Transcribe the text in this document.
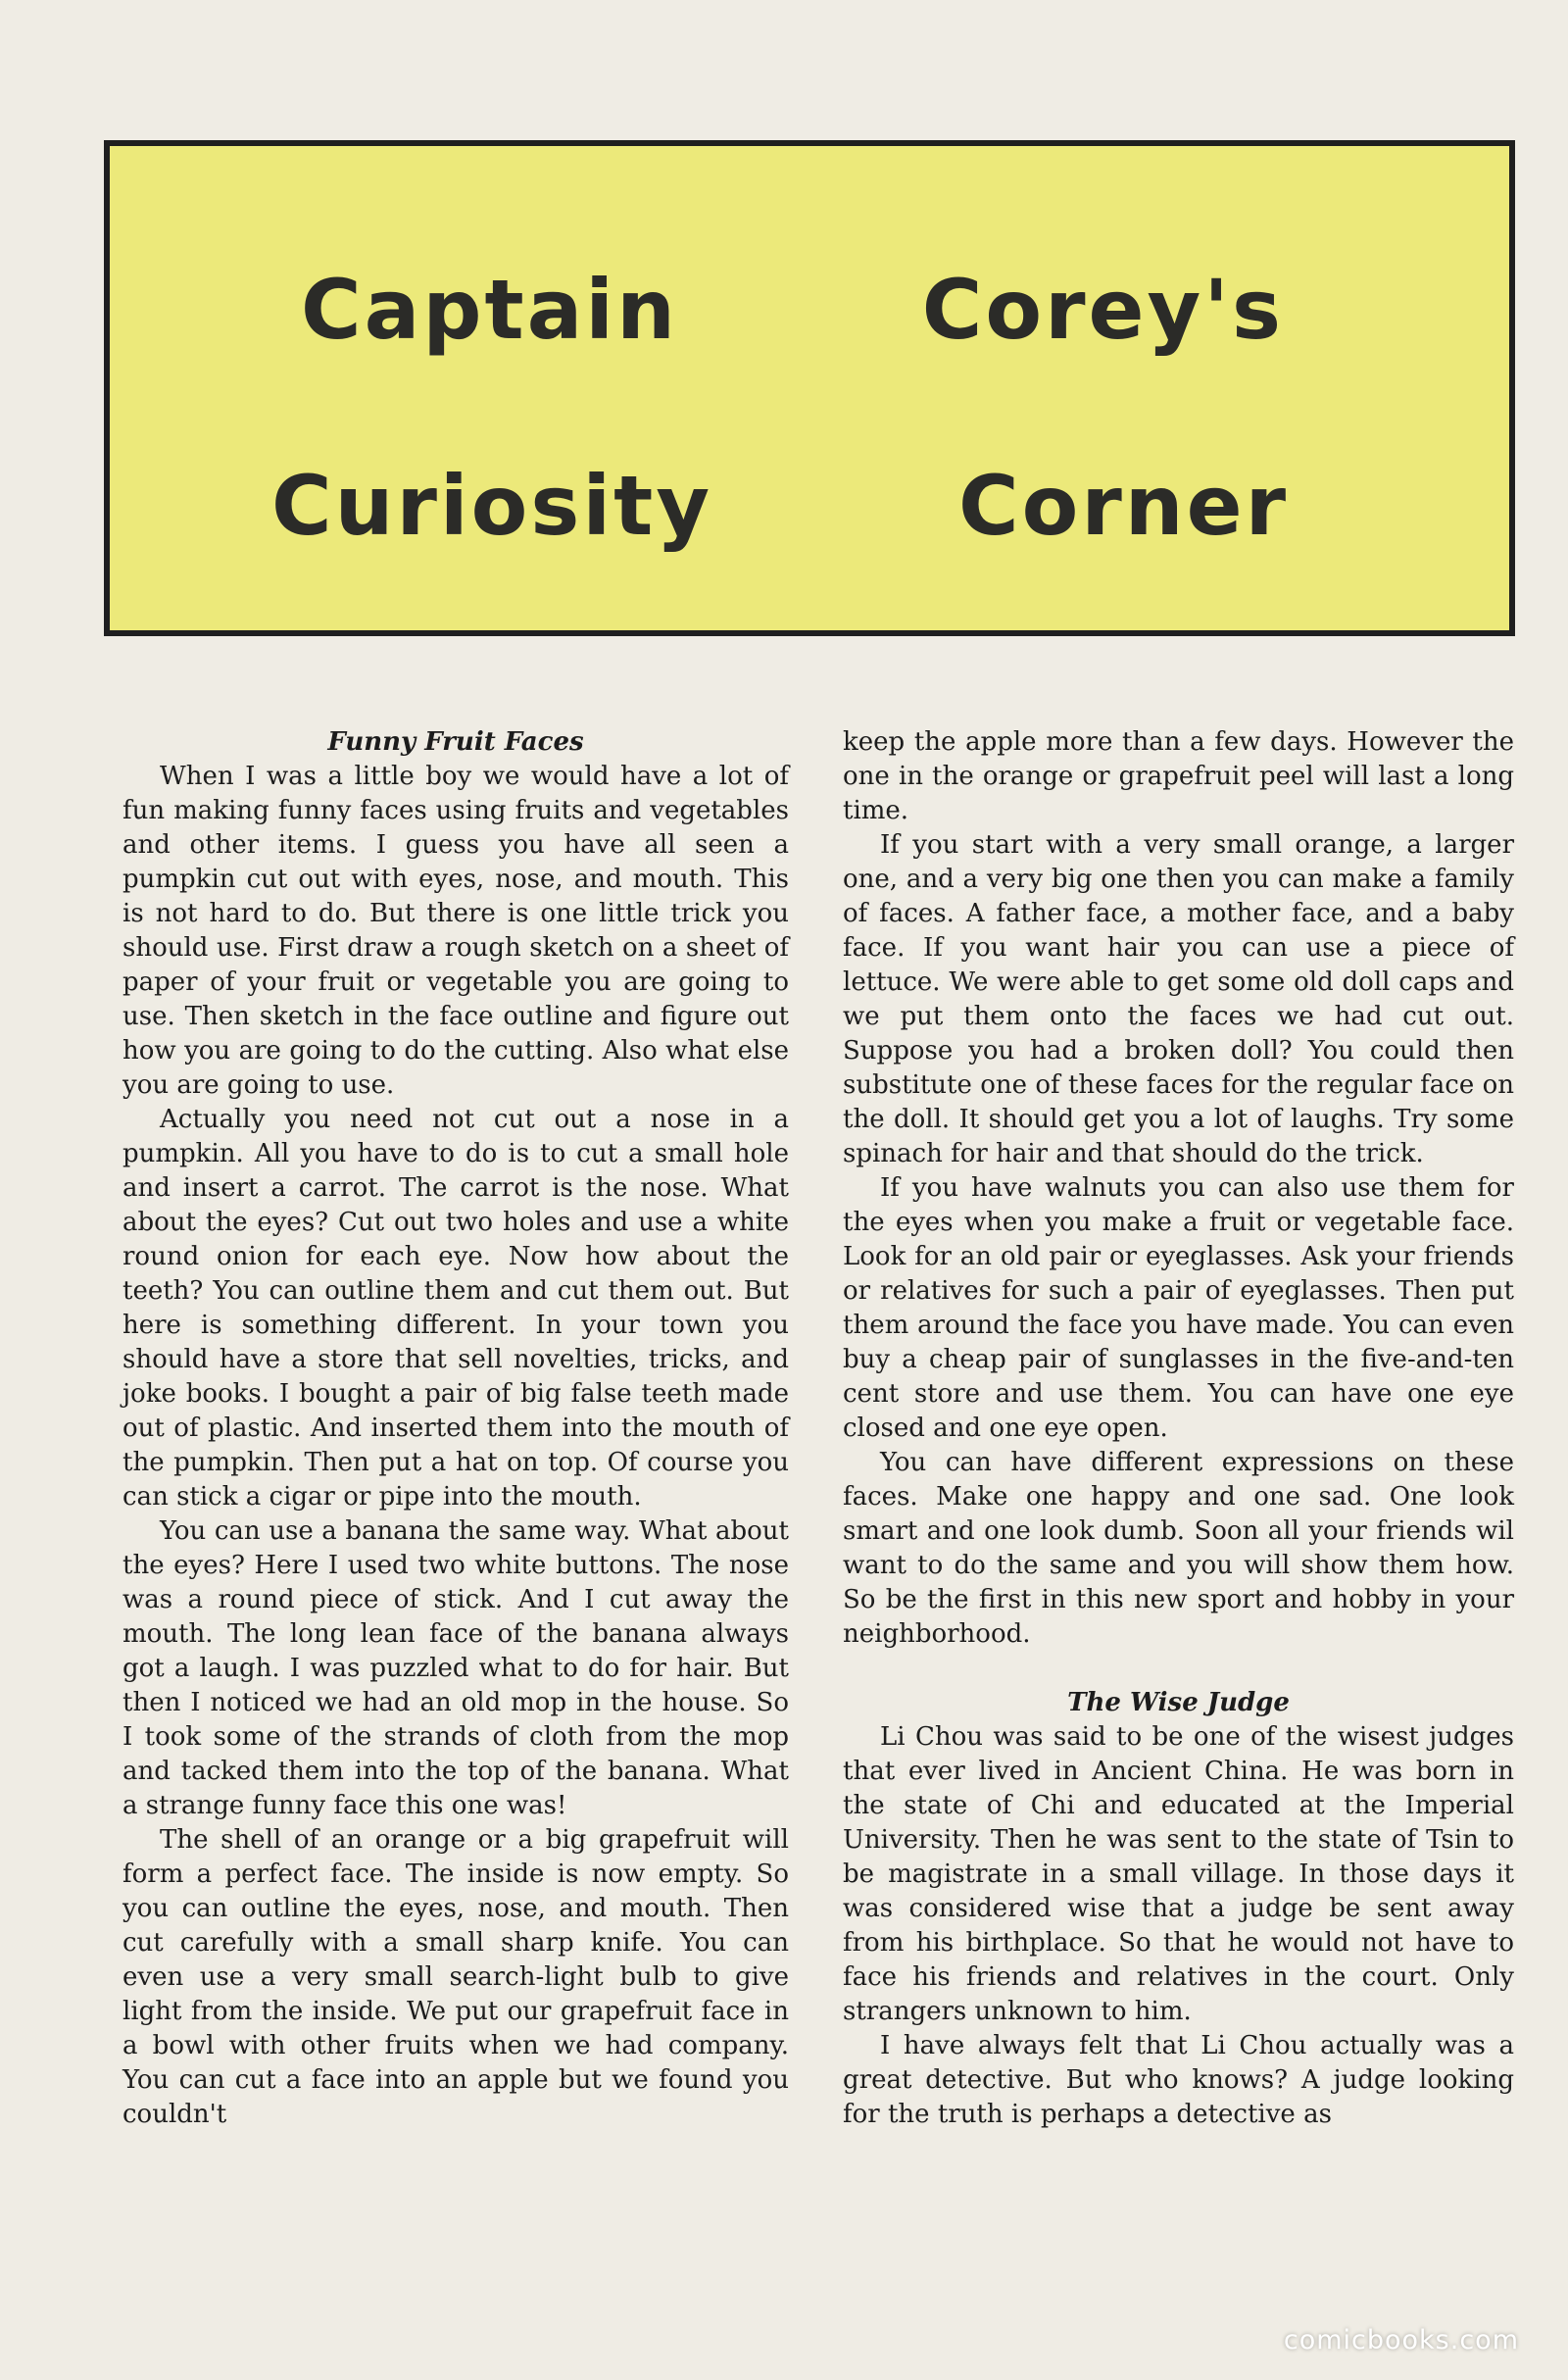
Captain	Corey's
Curiosity	Corner
Funny Fruit Faces

When I was a little boy we would have a lot of fun making funny faces using fruits and vegetables and other items. I guess you have all seen a pumpkin cut out with eyes, nose, and mouth. This is not hard to do. But there is one little trick you should use. First draw a rough sketch on a sheet of paper of your fruit or vegetable you are going to use. Then sketch in the face outline and figure out how you are going to do the cutting. Also what else you are going to use.

Actually you need not cut out a nose in a pumpkin. All you have to do is to cut a small hole and insert a carrot. The carrot is the nose. What about the eyes? Cut out two holes and use a white round onion for each eye. Now how about the teeth? You can outline them and cut them out. But here is something different. In your town you should have a store that sell novelties, tricks, and joke books. I bought a pair of big false teeth made out of plastic. And inserted them into the mouth of the pumpkin. Then put a hat on top. Of course you can stick a cigar or pipe into the mouth.

You can use a banana the same way. What about the eyes? Here I used two white buttons. The nose was a round piece of stick. And I cut away the mouth. The long lean face of the banana always got a laugh. I was puzzled what to do for hair. But then I noticed we had an old mop in the house. So I took some of the strands of cloth from the mop and tacked them into the top of the banana. What a strange funny face this one was!

The shell of an orange or a big grapefruit will form a perfect face. The inside is now empty. So you can outline the eyes, nose, and mouth. Then cut carefully with a small sharp knife. You can even use a very small search-light bulb to give light from the inside. We put our grapefruit face in a bowl with other fruits when we had company. You can cut a face into an apple but we found you couldn't

keep the apple more than a few days. However the one in the orange or grapefruit peel will last a long time.

If you start with a very small orange, a larger one, and a very big one then you can make a family of faces. A father face, a mother face, and a baby face. If you want hair you can use a piece of lettuce. We were able to get some old doll caps and we put them onto the faces we had cut out. Suppose you had a broken doll? You could then substitute one of these faces for the regular face on the doll. It should get you a lot of laughs. Try some spinach for hair and that should do the trick.

If you have walnuts you can also use them for the eyes when you make a fruit or vegetable face. Look for an old pair or eyeglasses. Ask your friends or relatives for such a pair of eyeglasses. Then put them around the face you have made. You can even buy a cheap pair of sunglasses in the five-and-ten cent store and use them. You can have one eye closed and one eye open.

You can have different expressions on these faces. Make one happy and one sad. One look smart and one look dumb. Soon all your friends wil want to do the same and you will show them how. So be the first in this new sport and hobby in your neighborhood.

The Wise Judge

Li Chou was said to be one of the wisest judges that ever lived in Ancient China. He was born in the state of Chi and educated at the Imperial University. Then he was sent to the state of Tsin to be magistrate in a small village. In those days it was considered wise that a judge be sent away from his birthplace. So that he would not have to face his friends and relatives in the court. Only strangers unknown to him.

I have always felt that Li Chou actually was a great detective. But who knows? A judge looking for the truth is perhaps a detective as

comicbooks.com
